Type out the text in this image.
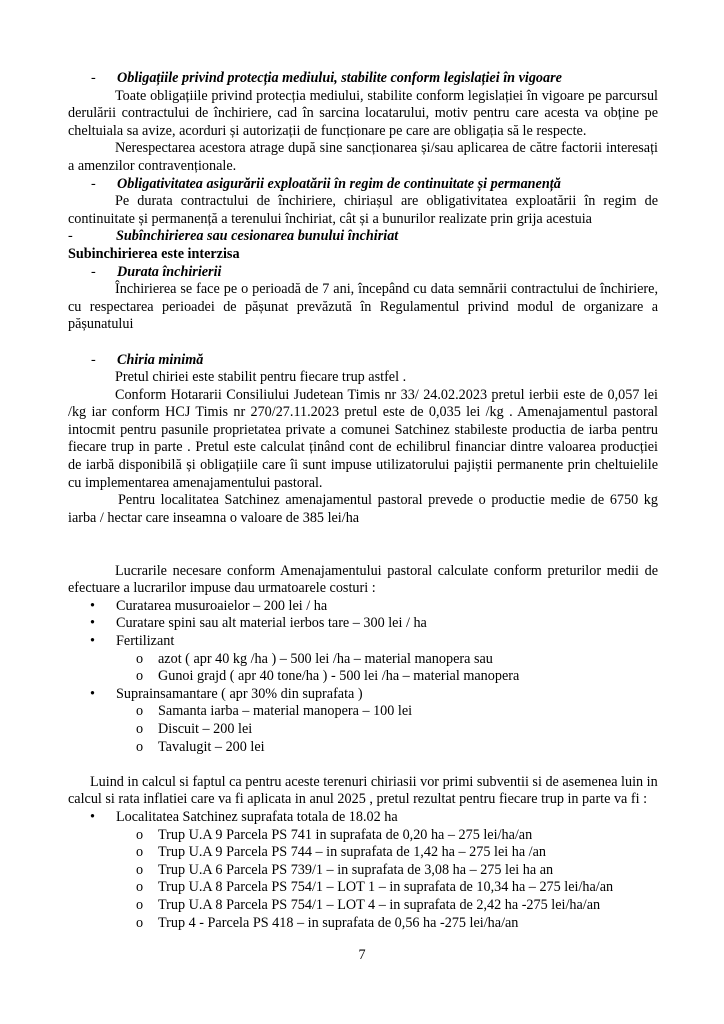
-	Obligațiile privind protecția mediului, stabilite conform legislației în vigoare

Toate obligațiile privind protecția mediului, stabilite conform legislației în vigoare pe parcursul derulării contractului de închiriere, cad în sarcina locatarului, motiv pentru care acesta va obține pe cheltuiala sa avize, acorduri și autorizații de funcționare pe care are obligația să le respecte.

Nerespectarea acestora atrage după sine sancționarea și/sau aplicarea de către factorii interesați a amenzilor contravenționale.

-	Obligativitatea asigurării exploatării în regim de continuitate și permanență

Pe durata contractului de închiriere, chiriașul are obligativitatea exploatării în regim de continuitate și permanență a terenului închiriat, cât și a bunurilor realizate prin grija acestuia

-	Subînchirierea sau cesionarea bunului închiriat

Subinchirierea este interzisa

-	Durata închirierii

Închirierea se face pe o perioadă de 7 ani, începând cu data semnării contractului de închiriere, cu respectarea perioadei de pășunat prevăzută în Regulamentul privind modul de organizare a pășunatului

-	Chiria minimă

Pretul chiriei este stabilit pentru fiecare trup astfel .

Conform Hotararii Consiliului Judetean Timis nr 33/ 24.02.2023 pretul ierbii este de 0,057 lei /kg iar conform HCJ Timis nr 270/27.11.2023 pretul este de 0,035 lei /kg . Amenajamentul pastoral intocmit pentru pasunile proprietatea private a comunei Satchinez stabileste productia de iarba pentru fiecare trup in parte . Pretul este calculat ținând cont de echilibrul financiar dintre valoarea producției de iarbă disponibilă și obligațiile care îi sunt impuse utilizatorului pajiștii permanente prin cheltuielile cu implementarea amenajamentului pastoral.

Pentru localitatea Satchinez amenajamentul pastoral prevede o productie medie de 6750 kg iarba / hectar care inseamna o valoare de 385 lei/ha

Lucrarile necesare conform Amenajamentului pastoral calculate conform preturilor medii de efectuare a lucrarilor impuse dau urmatoarele costuri :

•	Curatarea musuroaielor – 200 lei / ha
•	Curatare spini sau alt material ierbos tare – 300 lei / ha
•	Fertilizant
o	azot ( apr 40 kg /ha ) – 500 lei /ha – material manopera sau
o	Gunoi grajd ( apr 40 tone/ha ) - 500 lei /ha – material manopera
•	Suprainsamantare ( apr 30% din suprafata )
o	Samanta iarba – material manopera – 100 lei
o	Discuit – 200 lei
o	Tavalugit – 200 lei

Luind in calcul si faptul ca pentru aceste terenuri chiriasii vor primi subventii si de asemenea luin in calcul si rata inflatiei care va fi aplicata in anul 2025 , pretul rezultat pentru fiecare trup in parte va fi :

•	Localitatea Satchinez suprafata totala de 18.02 ha
o	Trup U.A 9 Parcela PS 741 in suprafata de 0,20 ha – 275 lei/ha/an
o	Trup U.A 9 Parcela PS 744 – in suprafata de 1,42 ha – 275 lei ha /an
o	Trup U.A 6 Parcela PS 739/1 – in suprafata de 3,08 ha – 275 lei ha an
o	Trup U.A 8 Parcela PS 754/1 – LOT 1 – in suprafata de 10,34 ha – 275 lei/ha/an
o	Trup U.A 8 Parcela PS 754/1 – LOT 4 – in suprafata de 2,42 ha -275 lei/ha/an
o	Trup 4 - Parcela PS 418 – in suprafata de 0,56 ha -275 lei/ha/an
7
